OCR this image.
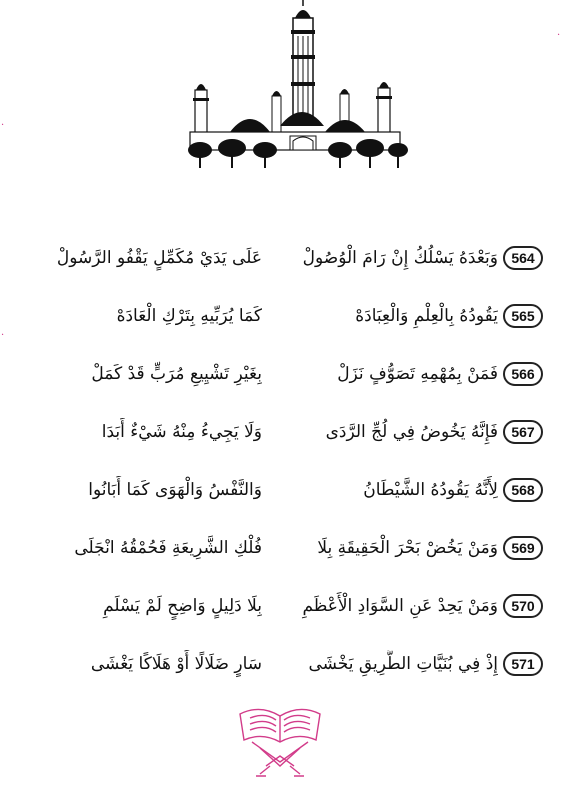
564
وَبَعْدَهُ يَسْلُكُ إِنْ رَامَ الْوُصُولْ
عَلَى يَدَيْ مُكَمِّلٍ يَقْفُو الرَّسُولْ
565
يَقُودُهُ بِالْعِلْمِ وَالْعِبَادَهْ
كَمَا يُرَبِّيهِ بِتَرْكِ الْعَادَهْ
566
فَمَنْ بِمُهْمِهِ تَصَوُّفٍ نَزَلْ
بِغَيْرِ تَشْيِيعِ مُرَبٍّ قَدْ كَمَلْ
567
فَإِنَّهُ يَخُوضُ فِي لُجِّ الرَّدَى
وَلَا يَجِيءُ مِنْهُ شَيْءٌ أَبَدَا
568
لِأَنَّهُ يَقُودُهُ الشَّيْطَانُ
وَالنَّفْسُ وَالْهَوَى كَمَا أَبَانُوا
569
وَمَنْ يَخُضْ بَحْرَ الْحَقِيقَةِ بِلَا
فُلْكِ الشَّرِيعَةِ فَحُمْقُهُ انْجَلَى
570
وَمَنْ يَحِدْ عَنِ السَّوَادِ الْأَعْظَمِ
بِلَا دَلِيلٍ وَاضِحٍ لَمْ يَسْلَمِ
571
إِذْ فِي بُنَيَّاتِ الطَّرِيقِ يَخْشَى
سَارٍ ضَلَالًا أَوْ هَلَاكًا يَغْشَى
·
·
·
